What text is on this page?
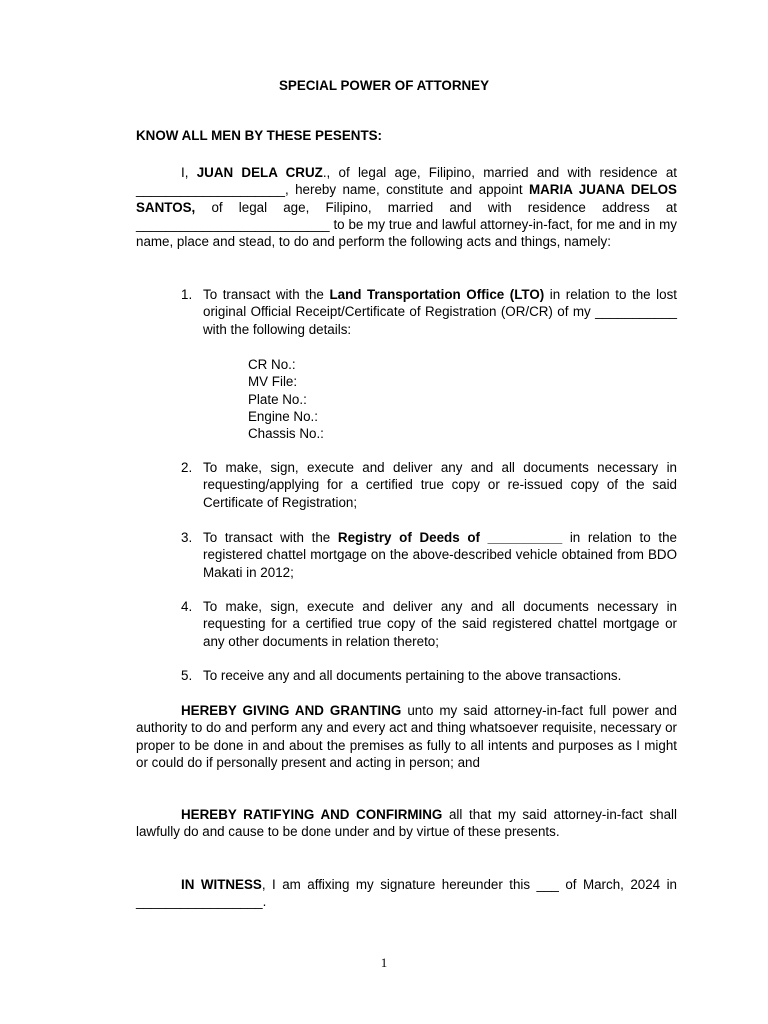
SPECIAL POWER OF ATTORNEY
KNOW ALL MEN BY THESE PESENTS:
I, JUAN DELA CRUZ., of legal age, Filipino, married and with residence at ____________________, hereby name, constitute and appoint MARIA JUANA DELOS SANTOS, of legal age, Filipino, married and with residence address at __________________________ to be my true and lawful attorney-in-fact, for me and in my name, place and stead, to do and perform the following acts and things, namely:
1. To transact with the Land Transportation Office (LTO) in relation to the lost original Official Receipt/Certificate of Registration (OR/CR) of my ___________ with the following details:
CR No.:
MV File:
Plate No.:
Engine No.:
Chassis No.:
2. To make, sign, execute and deliver any and all documents necessary in requesting/applying for a certified true copy or re-issued copy of the said Certificate of Registration;
3. To transact with the Registry of Deeds of __________ in relation to the registered chattel mortgage on the above-described vehicle obtained from BDO Makati in 2012;
4. To make, sign, execute and deliver any and all documents necessary in requesting for a certified true copy of the said registered chattel mortgage or any other documents in relation thereto;
5. To receive any and all documents pertaining to the above transactions.
HEREBY GIVING AND GRANTING unto my said attorney-in-fact full power and authority to do and perform any and every act and thing whatsoever requisite, necessary or proper to be done in and about the premises as fully to all intents and purposes as I might or could do if personally present and acting in person; and
HEREBY RATIFYING AND CONFIRMING all that my said attorney-in-fact shall lawfully do and cause to be done under and by virtue of these presents.
IN WITNESS, I am affixing my signature hereunder this ___ of March, 2024 in _________________.
1
